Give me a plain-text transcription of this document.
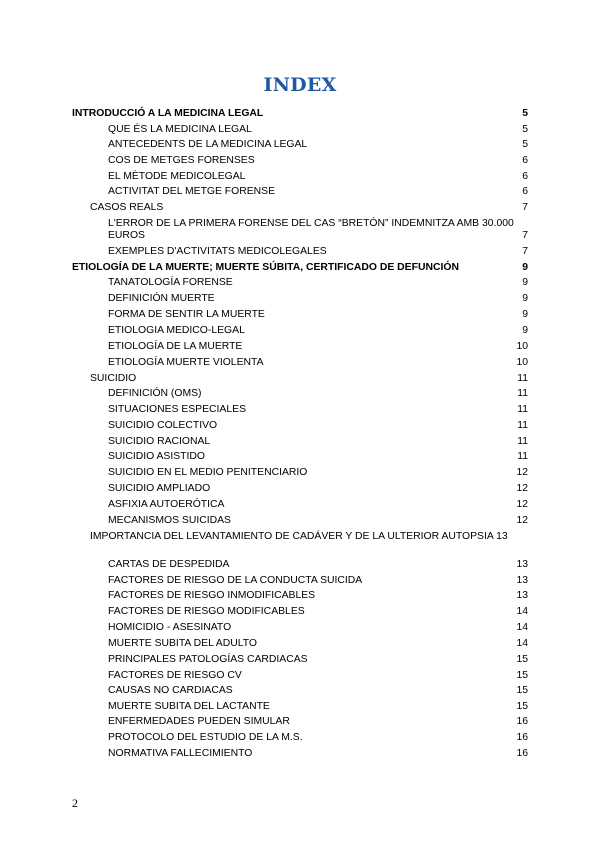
INDEX
INTRODUCCIÓ A LA MEDICINA LEGAL	5
QUE ÉS LA MEDICINA LEGAL	5
ANTECEDENTS DE LA MEDICINA LEGAL	5
COS DE METGES FORENSES	6
EL MÈTODE MEDICOLEGAL	6
ACTIVITAT DEL METGE FORENSE	6
CASOS REALS	7
L'ERROR DE LA PRIMERA FORENSE DEL CAS “BRETÓN” INDEMNITZA AMB 30.000 EUROS	7
EXEMPLES D'ACTIVITATS MEDICOLEGALES	7
ETIOLOGÍA DE LA MUERTE; MUERTE SÚBITA, CERTIFICADO DE DEFUNCIÓN	9
TANATOLOGÍA FORENSE	9
DEFINICIÓN MUERTE	9
FORMA DE SENTIR LA MUERTE	9
ETIOLOGIA MEDICO-LEGAL	9
ETIOLOGÍA DE LA MUERTE	10
ETIOLOGÍA MUERTE VIOLENTA	10
SUICIDIO	11
DEFINICIÓN (OMS)	11
SITUACIONES ESPECIALES	11
SUICIDIO COLECTIVO	11
SUICIDIO RACIONAL	11
SUICIDIO ASISTIDO	11
SUICIDIO EN EL MEDIO PENITENCIARIO	12
SUICIDIO AMPLIADO	12
ASFIXIA AUTOERÓTICA	12
MECANISMOS SUICIDAS	12
IMPORTANCIA DEL LEVANTAMIENTO DE CADÁVER Y DE LA ULTERIOR AUTOPSIA 13
CARTAS DE DESPEDIDA	13
FACTORES DE RIESGO DE LA CONDUCTA SUICIDA	13
FACTORES DE RIESGO INMODIFICABLES	13
FACTORES DE RIESGO MODIFICABLES	14
HOMICIDIO - ASESINATO	14
MUERTE SUBITA DEL ADULTO	14
PRINCIPALES PATOLOGÍAS CARDIACAS	15
FACTORES DE RIESGO CV	15
CAUSAS NO CARDIACAS	15
MUERTE SUBITA DEL LACTANTE	15
ENFERMEDADES PUEDEN SIMULAR	16
PROTOCOLO DEL ESTUDIO DE LA M.S.	16
NORMATIVA FALLECIMIENTO	16
2
